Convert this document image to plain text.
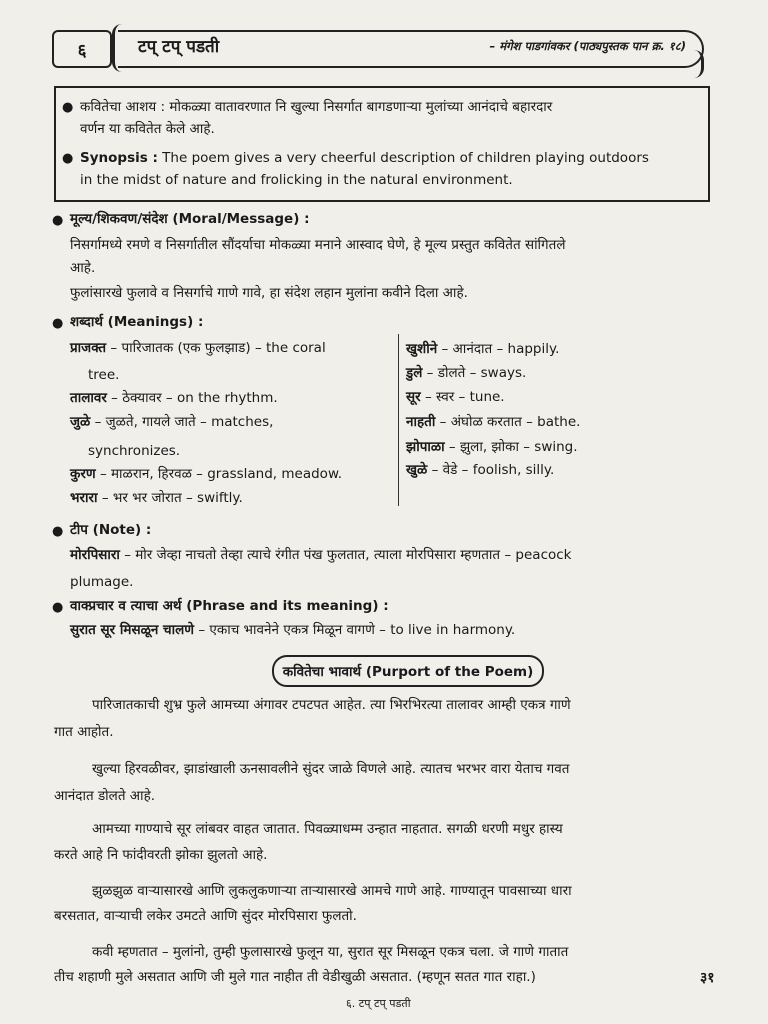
६	टप् टप् पडती	– मंगेश पाडगांवकर (पाठ्यपुस्तक पान क्र. १८)
● कवितेचा आशय : मोकळ्या वातावरणात नि खुल्या निसर्गात बागडणाऱ्या मुलांच्या आनंदाचे बहारदार
वर्णन या कवितेत केले आहे.
● Synopsis : The poem gives a very cheerful description of children playing outdoors
in the midst of nature and frolicking in the natural environment.
● मूल्य/शिकवण/संदेश (Moral/Message) :
निसर्गामध्ये रमणे व निसर्गातील सौंदर्याचा मोकळ्या मनाने आस्वाद घेणे, हे मूल्य प्रस्तुत कवितेत सांगितले
आहे.
फुलांसारखे फुलावे व निसर्गाचे गाणे गावे, हा संदेश लहान मुलांना कवीने दिला आहे.
● शब्दार्थ (Meanings) :
प्राजक्त – पारिजातक (एक फुलझाड) – the coral
tree.
तालावर – ठेक्यावर – on the rhythm.
जुळे – जुळते, गायले जाते – matches,
synchronizes.
कुरण – माळरान, हिरवळ – grassland, meadow.
भरारा – भर भर जोरात – swiftly.
खुशीने – आनंदात – happily.
डुले – डोलते – sways.
सूर – स्वर – tune.
नाहती – अंघोळ करतात – bathe.
झोपाळा – झुला, झोका – swing.
खुळे – वेडे – foolish, silly.
● टीप (Note) :
मोरपिसारा – मोर जेव्हा नाचतो तेव्हा त्याचे रंगीत पंख फुलतात, त्याला मोरपिसारा म्हणतात – peacock
plumage.
● वाक्प्रचार व त्याचा अर्थ (Phrase and its meaning) :
सुरात सूर मिसळून चालणे – एकाच भावनेने एकत्र मिळून वागणे – to live in harmony.
कवितेचा भावार्थ (Purport of the Poem)
पारिजातकाची शुभ्र फुले आमच्या अंगावर टपटपत आहेत. त्या भिरभिरत्या तालावर आम्ही एकत्र गाणे
गात आहोत.
खुल्या हिरवळीवर, झाडांखाली ऊनसावलीने सुंदर जाळे विणले आहे. त्यातच भरभर वारा येताच गवत
आनंदात डोलते आहे.
आमच्या गाण्याचे सूर लांबवर वाहत जातात. पिवळ्याधम्म उन्हात नाहतात. सगळी धरणी मधुर हास्य
करते आहे नि फांदीवरती झोका झुलतो आहे.
झुळझुळ वाऱ्यासारखे आणि लुकलुकणाऱ्या ताऱ्यासारखे आमचे गाणे आहे. गाण्यातून पावसाच्या धारा
बरसतात, वाऱ्याची लकेर उमटते आणि सुंदर मोरपिसारा फुलतो.
कवी म्हणतात – मुलांनो, तुम्ही फुलासारखे फुलून या, सुरात सूर मिसळून एकत्र चला. जे गाणे गातात
तीच शहाणी मुले असतात आणि जी मुले गात नाहीत ती वेडीखुळी असतात. (म्हणून सतत गात राहा.)	३१
६. टप् टप् पडती
